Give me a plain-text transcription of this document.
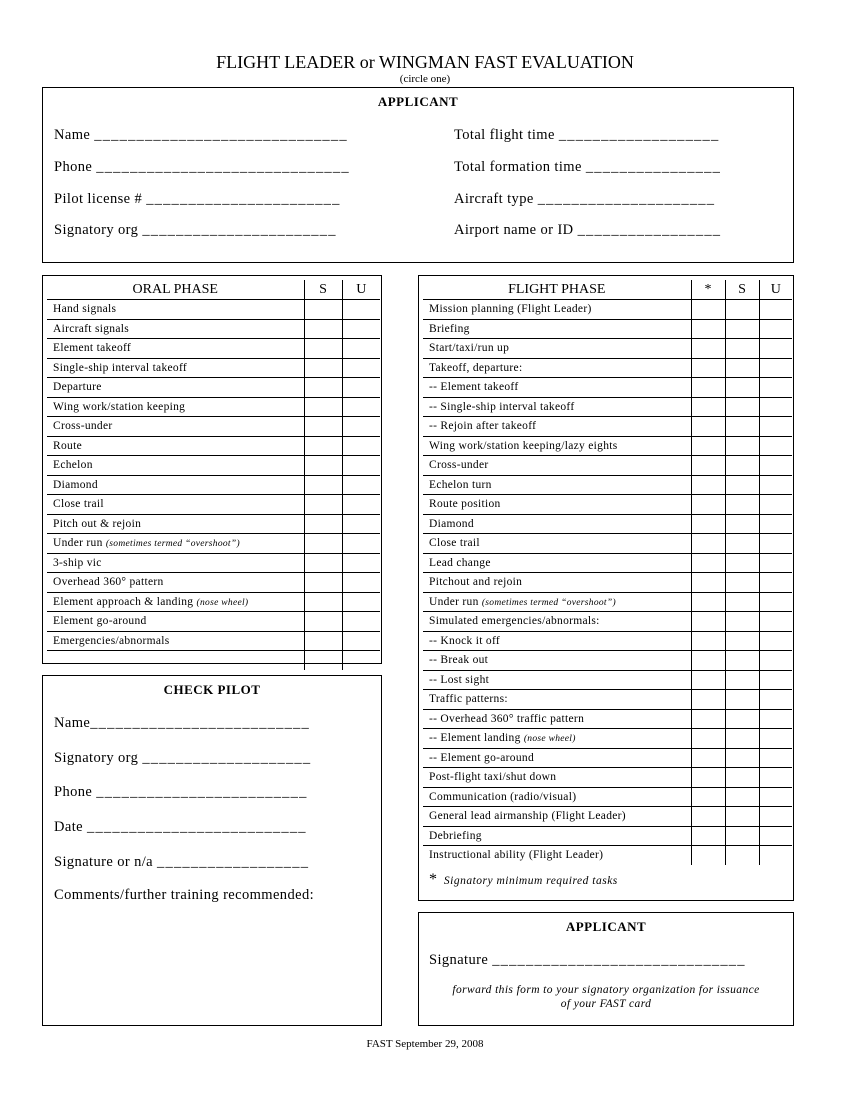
FLIGHT LEADER or WINGMAN FAST EVALUATION
(circle one)
APPLICANT
Name ______________________________
Phone ______________________________
Pilot license # _______________________
Signatory org _______________________
Total flight time ___________________
Total formation time ________________
Aircraft type _____________________
Airport name or ID _________________
ORAL PHASE	S	U
Hand signals		
Aircraft signals		
Element takeoff		
Single-ship interval takeoff		
Departure		
Wing work/station keeping		
Cross-under		
Route		
Echelon		
Diamond		
Close trail		
Pitch out & rejoin		
Under run (sometimes termed “overshoot”)		
3-ship vic		
Overhead 360° pattern		
Element approach & landing (nose wheel)		
Element go-around		
Emergencies/abnormals		

CHECK PILOT
Name__________________________
Signatory org ____________________
Phone _________________________
Date __________________________
Signature or n/a __________________
Comments/further training recommended:
FLIGHT PHASE	*	S	U
Mission planning (Flight Leader)			
Briefing			
Start/taxi/run up			
Takeoff, departure:			
-- Element takeoff			
-- Single-ship interval takeoff			
-- Rejoin after takeoff			
Wing work/station keeping/lazy eights			
Cross-under			
Echelon turn			
Route position			
Diamond			
Close trail			
Lead change			
Pitchout and rejoin			
Under run (sometimes termed “overshoot”)			
Simulated emergencies/abnormals:			
-- Knock it off			
-- Break out			
-- Lost sight			
Traffic patterns:			
-- Overhead 360° traffic pattern			
-- Element landing (nose wheel)			
-- Element go-around			
Post-flight taxi/shut down			
Communication (radio/visual)			
General lead airmanship (Flight Leader)			
Debriefing			
Instructional ability (Flight Leader)			
* Signatory minimum required tasks
APPLICANT
Signature ______________________________
forward this form to your signatory organization for issuance
of your FAST card
FAST September 29, 2008
